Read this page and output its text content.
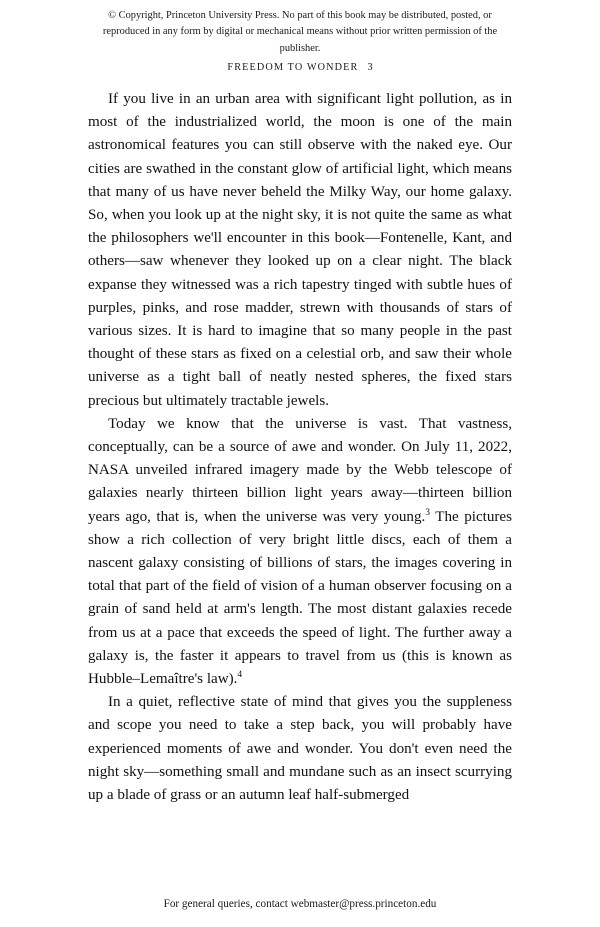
© Copyright, Princeton University Press. No part of this book may be distributed, posted, or reproduced in any form by digital or mechanical means without prior written permission of the publisher.
FREEDOM TO WONDER 3

If you live in an urban area with significant light pollution, as in most of the industrialized world, the moon is one of the main astronomical features you can still observe with the naked eye. Our cities are swathed in the constant glow of artificial light, which means that many of us have never beheld the Milky Way, our home galaxy. So, when you look up at the night sky, it is not quite the same as what the philosophers we'll encounter in this book—Fontenelle, Kant, and others—saw whenever they looked up on a clear night. The black expanse they witnessed was a rich tapestry tinged with subtle hues of purples, pinks, and rose madder, strewn with thousands of stars of various sizes. It is hard to imagine that so many people in the past thought of these stars as fixed on a celestial orb, and saw their whole universe as a tight ball of neatly nested spheres, the fixed stars precious but ultimately tractable jewels.

Today we know that the universe is vast. That vastness, conceptually, can be a source of awe and wonder. On July 11, 2022, NASA unveiled infrared imagery made by the Webb telescope of galaxies nearly thirteen billion light years away—thirteen billion years ago, that is, when the universe was very young.$^3$ The pictures show a rich collection of very bright little discs, each of them a nascent galaxy consisting of billions of stars, the images covering in total that part of the field of vision of a human observer focusing on a grain of sand held at arm's length. The most distant galaxies recede from us at a pace that exceeds the speed of light. The further away a galaxy is, the faster it appears to travel from us (this is known as Hubble–Lemaître's law).$^4$

In a quiet, reflective state of mind that gives you the suppleness and scope you need to take a step back, you will probably have experienced moments of awe and wonder. You don't even need the night sky—something small and mundane such as an insect scurrying up a blade of grass or an autumn leaf half-submerged

For general queries, contact webmaster@press.princeton.edu
